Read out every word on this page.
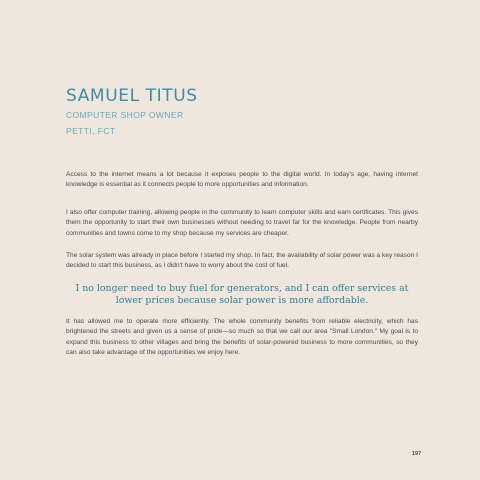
SAMUEL TITUS
COMPUTER SHOP OWNER
PETTI, FCT

Access to the internet means a lot because it exposes people to the digital world. In today's age, having internet knowledge is essential as it connects people to more opportunities and information.

I also offer computer training, allowing people in the community to learn computer skills and earn certificates. This gives them the opportunity to start their own businesses without needing to travel far for the knowledge. People from nearby communities and towns come to my shop because my services are cheaper.

The solar system was already in place before I started my shop. In fact, the availability of solar power was a key reason I decided to start this business, as I didn't have to worry about the cost of fuel.

I no longer need to buy fuel for generators, and I can offer services at lower prices because solar power is more affordable.

It has allowed me to operate more efficiently. The whole community benefits from reliable electricity, which has brightened the streets and given us a sense of pride—so much so that we call our area "Small London." My goal is to expand this business to other villages and bring the benefits of solar-powered business to more communities, so they can also take advantage of the opportunities we enjoy here.

197
